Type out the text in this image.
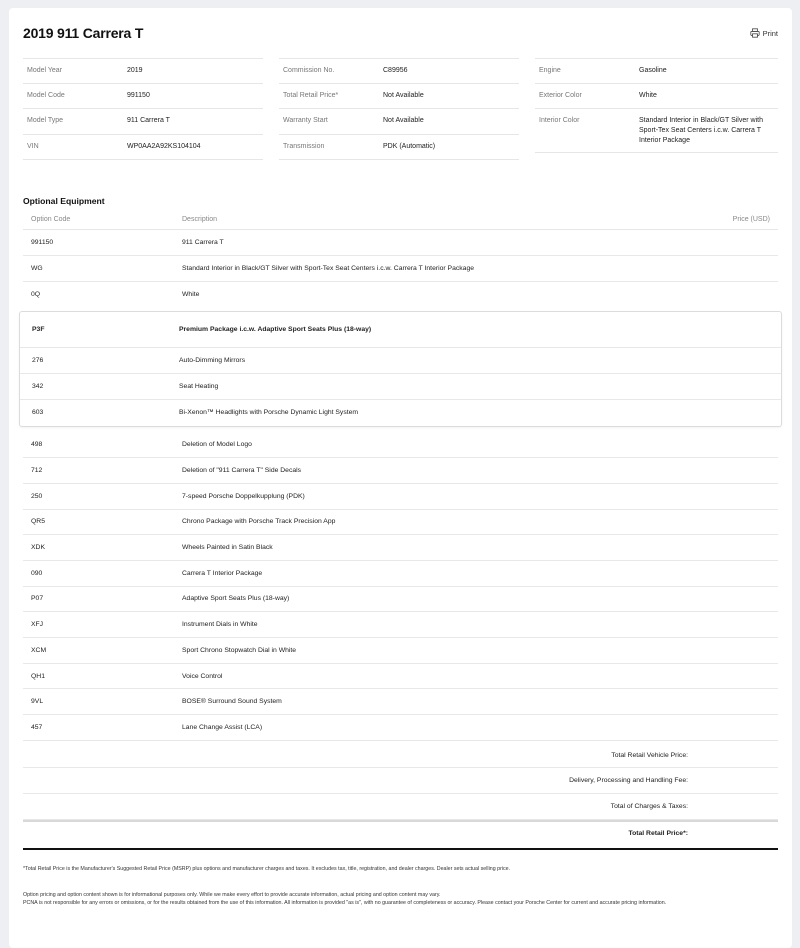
2019 911 Carrera T	Print
Model Year	2019
Model Code	991150
Model Type	911 Carrera T
VIN	WP0AA2A92KS104104
Commission No.	C89956
Total Retail Price*	Not Available
Warranty Start	Not Available
Transmission	PDK (Automatic)
Engine	Gasoline
Exterior Color	White
Interior Color	Standard Interior in Black/GT Silver with Sport-Tex Seat Centers i.c.w. Carrera T Interior Package
Optional Equipment
Option Code	Description	Price (USD)
991150	911 Carrera T
WG	Standard Interior in Black/GT Silver with Sport-Tex Seat Centers i.c.w. Carrera T Interior Package
0Q	White
P3F	Premium Package i.c.w. Adaptive Sport Seats Plus (18-way)
276	Auto-Dimming Mirrors
342	Seat Heating
603	Bi-Xenon™ Headlights with Porsche Dynamic Light System
498	Deletion of Model Logo
712	Deletion of "911 Carrera T" Side Decals
250	7-speed Porsche Doppelkupplung (PDK)
QR5	Chrono Package with Porsche Track Precision App
XDK	Wheels Painted in Satin Black
090	Carrera T Interior Package
P07	Adaptive Sport Seats Plus (18-way)
XFJ	Instrument Dials in White
XCM	Sport Chrono Stopwatch Dial in White
QH1	Voice Control
9VL	BOSE® Surround Sound System
457	Lane Change Assist (LCA)
Total Retail Vehicle Price:
Delivery, Processing and Handling Fee:
Total of Charges & Taxes:
Total Retail Price*:
*Total Retail Price is the Manufacturer's Suggested Retail Price (MSRP) plus options and manufacturer charges and taxes. It excludes tax, title, registration, and dealer charges. Dealer sets actual selling price.
Option pricing and option content shown is for informational purposes only. While we make every effort to provide accurate information, actual pricing and option content may vary.
PCNA is not responsible for any errors or omissions, or for the results obtained from the use of this information. All information is provided "as is", with no guarantee of completeness or accuracy. Please contact your Porsche Center for current and accurate pricing information.
